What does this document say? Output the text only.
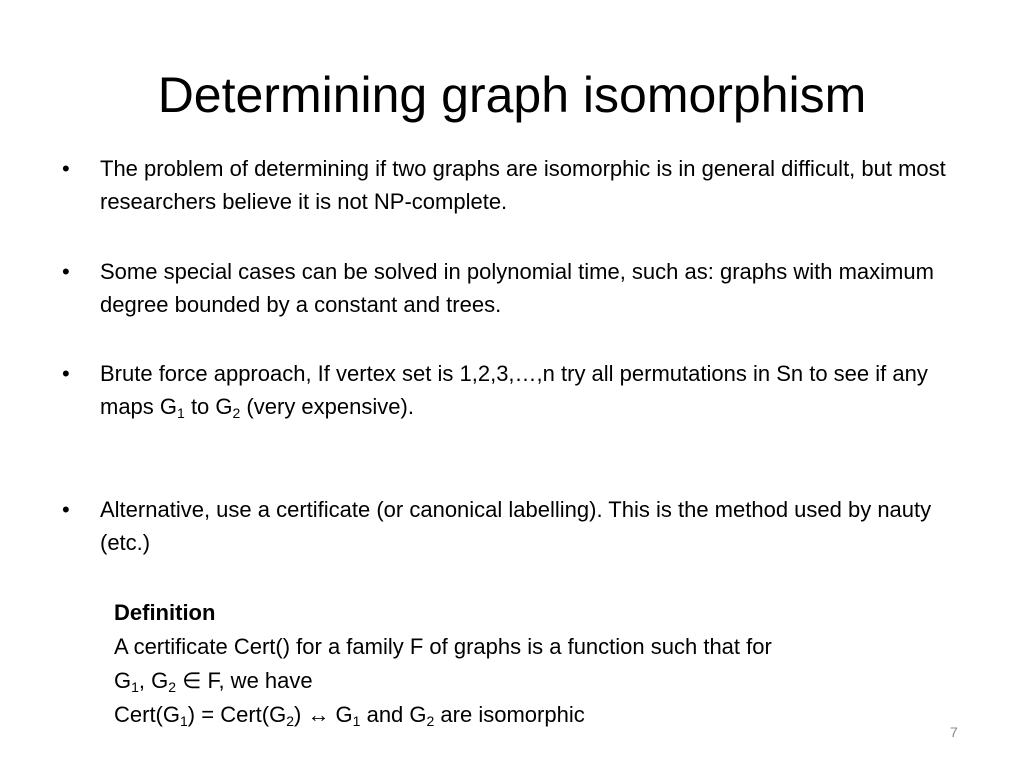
Determining graph isomorphism
• The problem of determining if two graphs are isomorphic is in general difficult, but most researchers believe it is not NP-complete.
• Some special cases can be solved in polynomial time, such as: graphs with maximum degree bounded by a constant and trees.
• Brute force approach, If vertex set is 1,2,3,…,n try all permutations in Sn to see if any maps $G_1$ to $G_2$ (very expensive).
• Alternative, use a certificate (or canonical labelling). This is the method used by nauty (etc.)
Definition
A certificate Cert() for a family F of graphs is a function such that for
$G_1$, $G_2$ ∈ F, we have
$Cert(G_1)$ = $Cert(G_2)$ ↔ $G_1$ and $G_2$ are isomorphic
7
